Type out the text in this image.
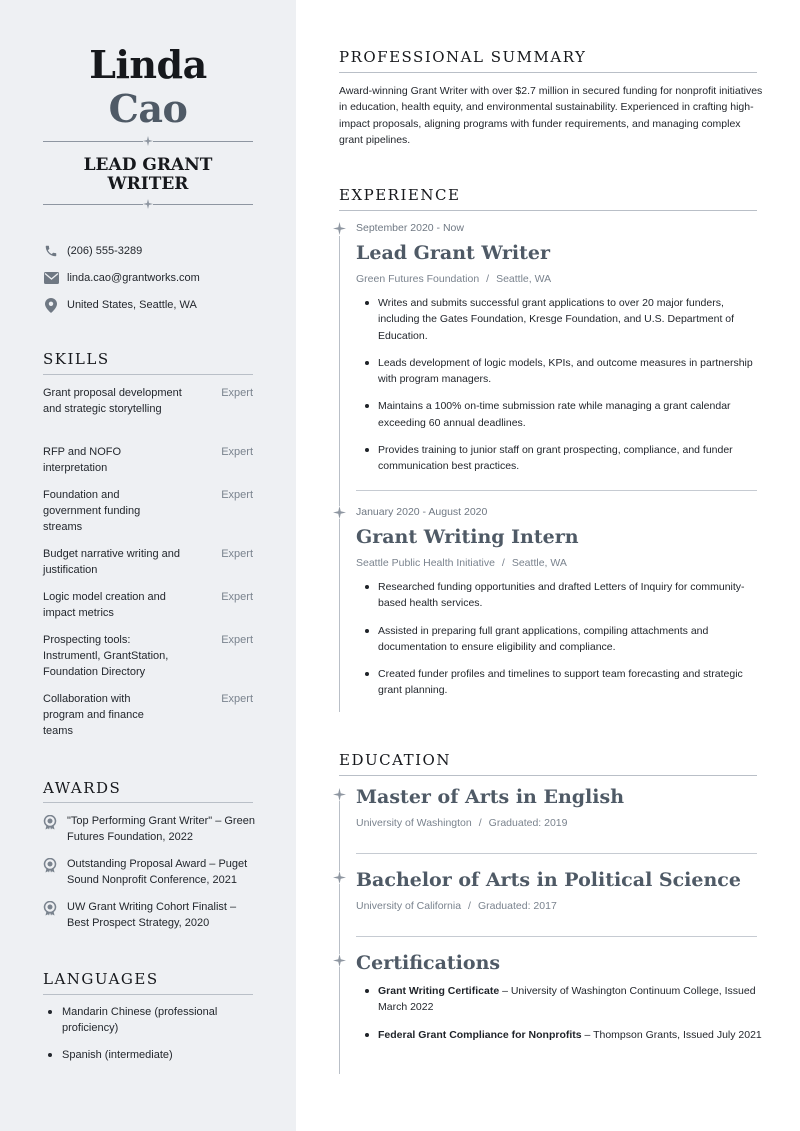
Linda
Cao
LEAD GRANT
WRITER
(206) 555-3289
linda.cao@grantworks.com
United States, Seattle, WA
SKILLS
Grant proposal development and strategic storytelling
Expert
RFP and NOFO interpretation
Expert
Foundation and government funding streams
Expert
Budget narrative writing and justification
Expert
Logic model creation and impact metrics
Expert
Prospecting tools: Instrumentl, GrantStation, Foundation Directory
Expert
Collaboration with program and finance teams
Expert
AWARDS
"Top Performing Grant Writer" – Green Futures Foundation, 2022
Outstanding Proposal Award – Puget Sound Nonprofit Conference, 2021
UW Grant Writing Cohort Finalist – Best Prospect Strategy, 2020
LANGUAGES
Mandarin Chinese (professional proficiency)
Spanish (intermediate)
PROFESSIONAL SUMMARY
Award-winning Grant Writer with over $2.7 million in secured funding for nonprofit initiatives in education, health equity, and environmental sustainability. Experienced in crafting high-impact proposals, aligning programs with funder requirements, and managing complex grant pipelines.
EXPERIENCE
September 2020 - Now
Lead Grant Writer
Green Futures Foundation / Seattle, WA
Writes and submits successful grant applications to over 20 major funders, including the Gates Foundation, Kresge Foundation, and U.S. Department of Education.
Leads development of logic models, KPIs, and outcome measures in partnership with program managers.
Maintains a 100% on-time submission rate while managing a grant calendar exceeding 60 annual deadlines.
Provides training to junior staff on grant prospecting, compliance, and funder communication best practices.
January 2020 - August 2020
Grant Writing Intern
Seattle Public Health Initiative / Seattle, WA
Researched funding opportunities and drafted Letters of Inquiry for community-based health services.
Assisted in preparing full grant applications, compiling attachments and documentation to ensure eligibility and compliance.
Created funder profiles and timelines to support team forecasting and strategic grant planning.
EDUCATION
Master of Arts in English
University of Washington / Graduated: 2019
Bachelor of Arts in Political Science
University of California / Graduated: 2017
Certifications
Grant Writing Certificate – University of Washington Continuum College, Issued March 2022
Federal Grant Compliance for Nonprofits – Thompson Grants, Issued July 2021
